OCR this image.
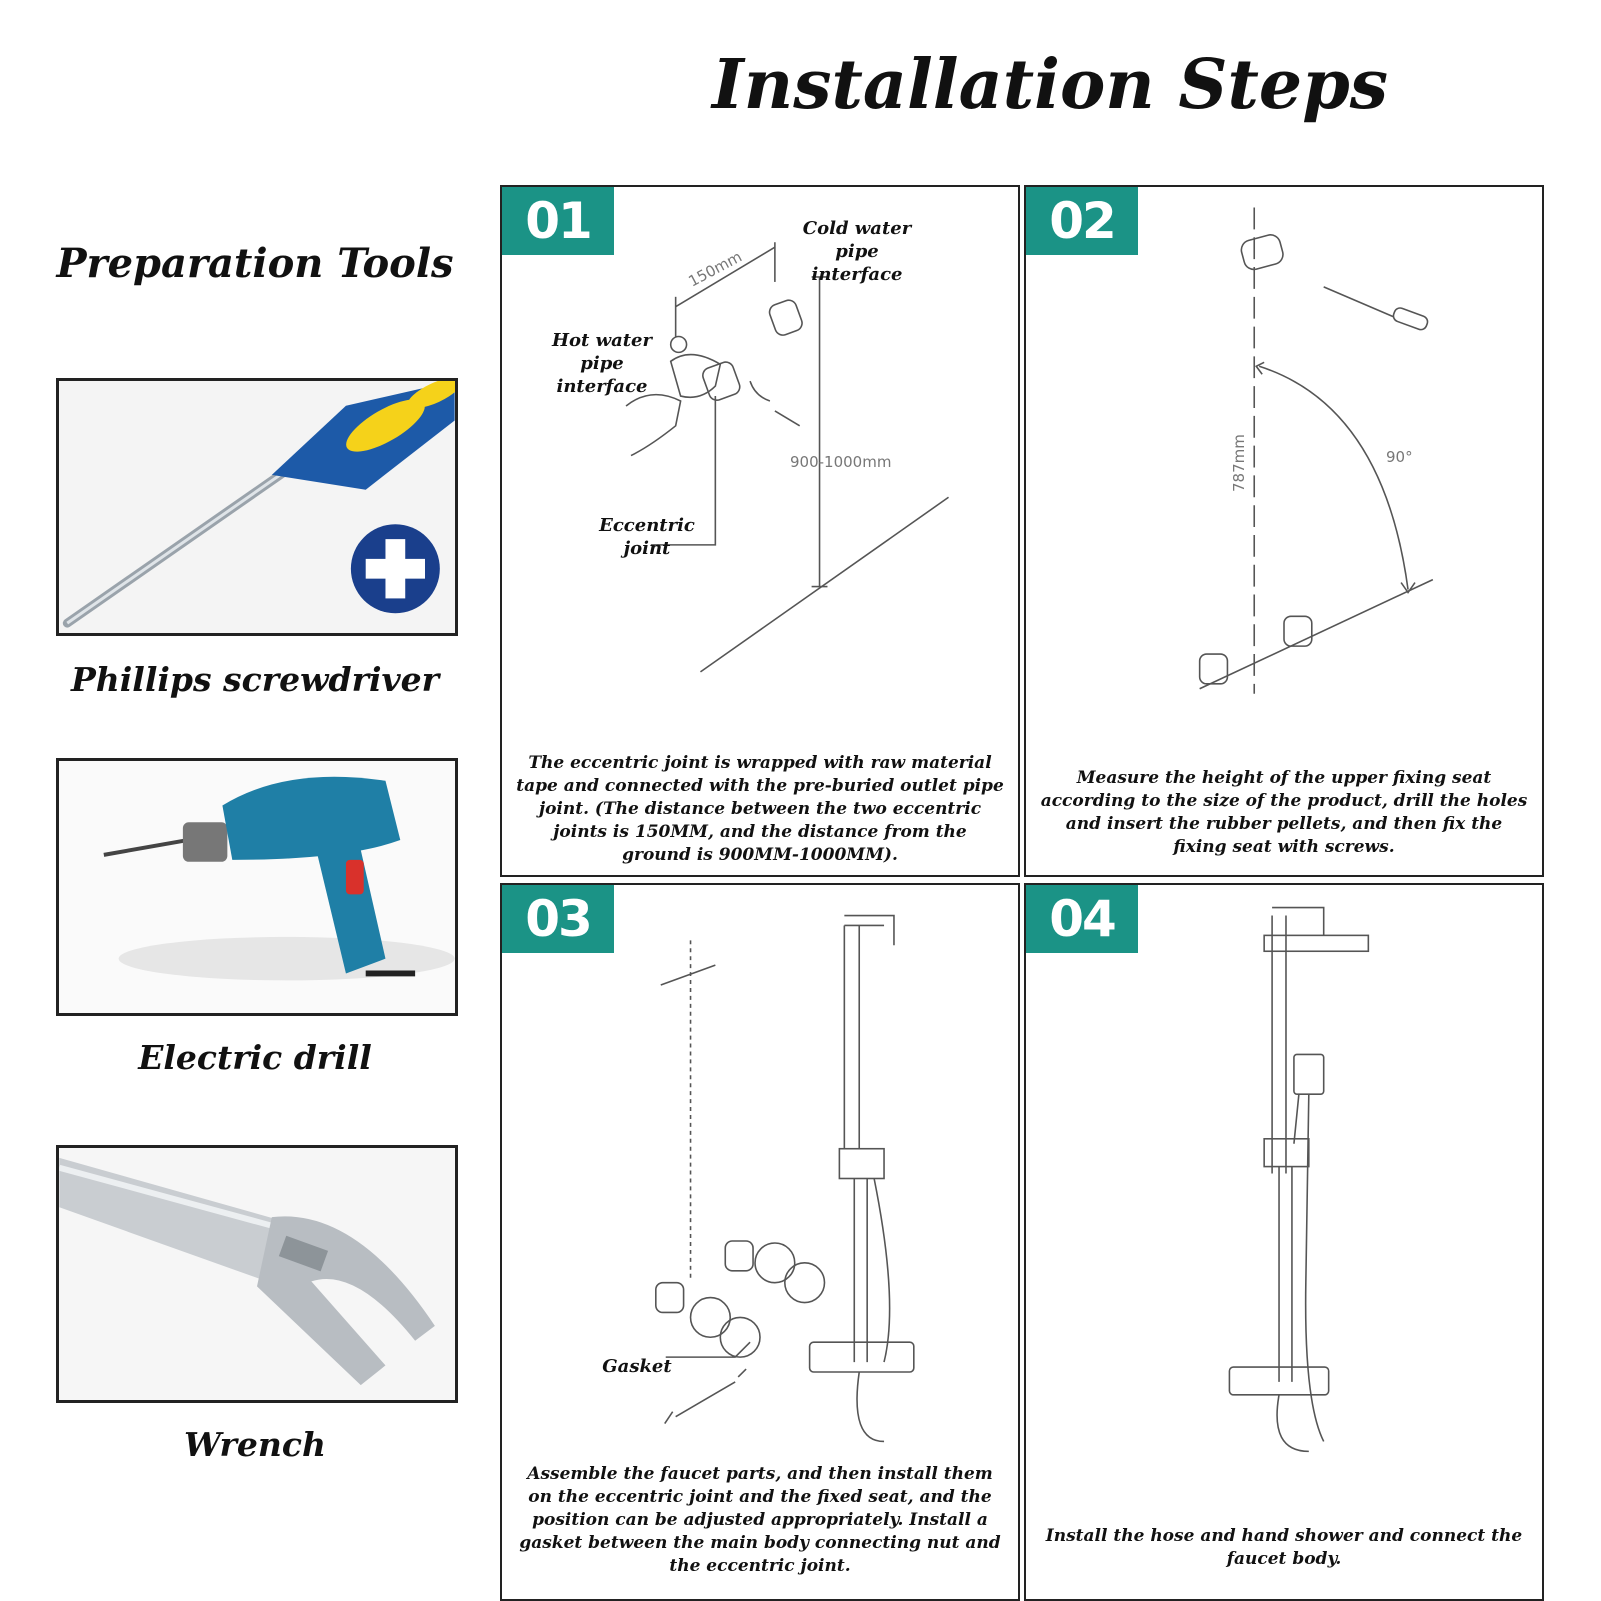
Installation Steps
Preparation Tools
Phillips screwdriver
Electric drill
Wrench
01	Cold water pipe interface
Hot water pipe interface
Eccentric joint
150mm
900-1000mm
The eccentric joint is wrapped with raw material tape and connected with the pre-buried outlet pipe joint. (The distance between the two eccentric joints is 150MM, and the distance from the ground is 900MM-1000MM).
02
787mm	90°
Measure the height of the upper fixing seat according to the size of the product, drill the holes and insert the rubber pellets, and then fix the fixing seat with screws.
03
Gasket
Assemble the faucet parts, and then install them on the eccentric joint and the fixed seat, and the position can be adjusted appropriately. Install a gasket between the main body connecting nut and the eccentric joint.
04
Install the hose and hand shower and connect the faucet body.
